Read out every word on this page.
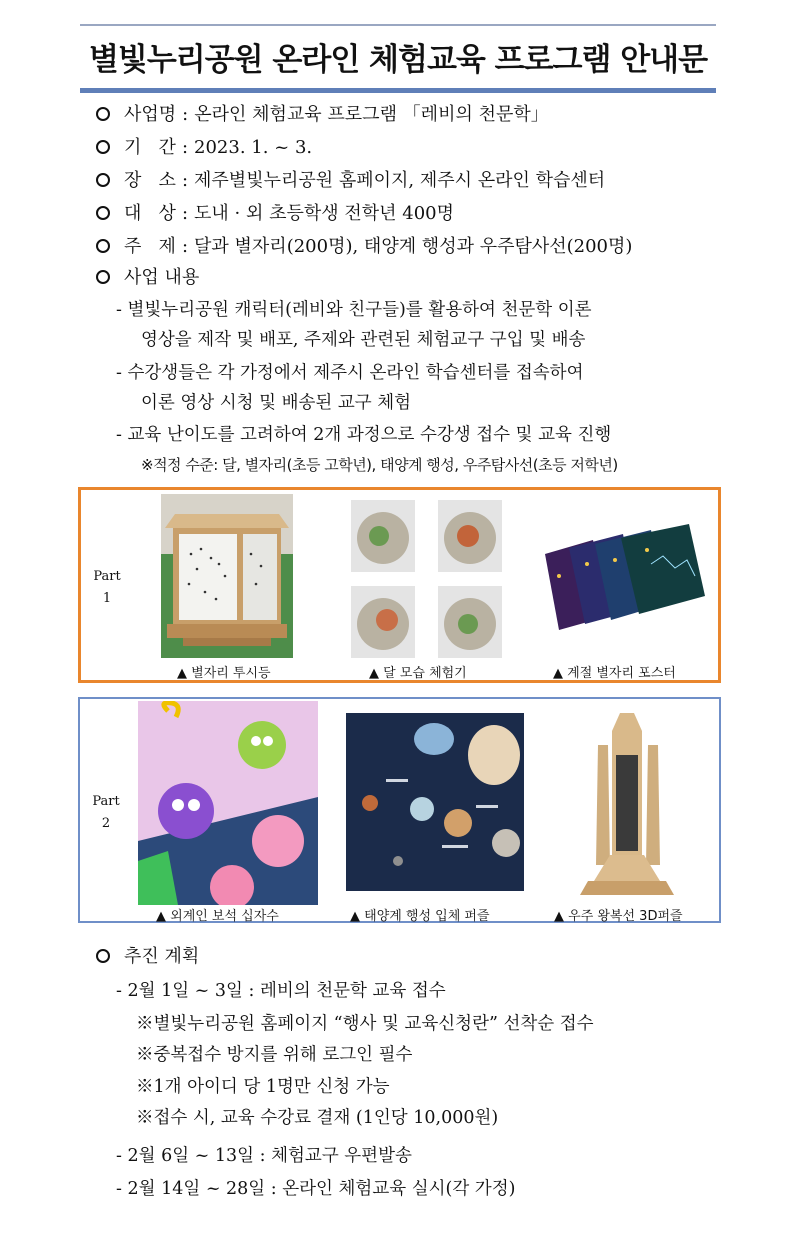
별빛누리공원 온라인 체험교육 프로그램 안내문
사업명 : 온라인 체험교육 프로그램 「레비의 천문학」
기   간 : 2023. 1. ~ 3.
장   소 : 제주별빛누리공원 홈페이지, 제주시 온라인 학습센터
대   상 : 도내 · 외 초등학생 전학년 400명
주   제 : 달과 별자리(200명), 태양계 행성과 우주탐사선(200명)
사업 내용
- 별빛누리공원 캐릭터(레비와 친구들)를 활용하여 천문학 이론
영상을 제작 및 배포, 주제와 관련된 체험교구 구입 및 배송
- 수강생들은 각 가정에서 제주시 온라인 학습센터를 접속하여
이론 영상 시청 및 배송된 교구 체험
- 교육 난이도를 고려하여 2개 과정으로 수강생 접수 및 교육 진행
※적정 수준: 달, 별자리(초등 고학년), 태양계 행성, 우주탐사선(초등 저학년)
Part
1
▲ 별자리 투시등	▲ 달 모습 체험기	▲ 계절 별자리 포스터
Part
2
▲ 외계인 보석 십자수	▲ 태양계 행성 입체 퍼즐	▲ 우주 왕복선 3D퍼즐
추진 계획
- 2월 1일 ~ 3일 : 레비의 천문학 교육 접수
※별빛누리공원 홈페이지 “행사 및 교육신청란” 선착순 접수
※중복접수 방지를 위해 로그인 필수
※1개 아이디 당 1명만 신청 가능
※접수 시, 교육 수강료 결재 (1인당 10,000원)
- 2월 6일 ~ 13일 : 체험교구 우편발송
- 2월 14일 ~ 28일 : 온라인 체험교육 실시(각 가정)
